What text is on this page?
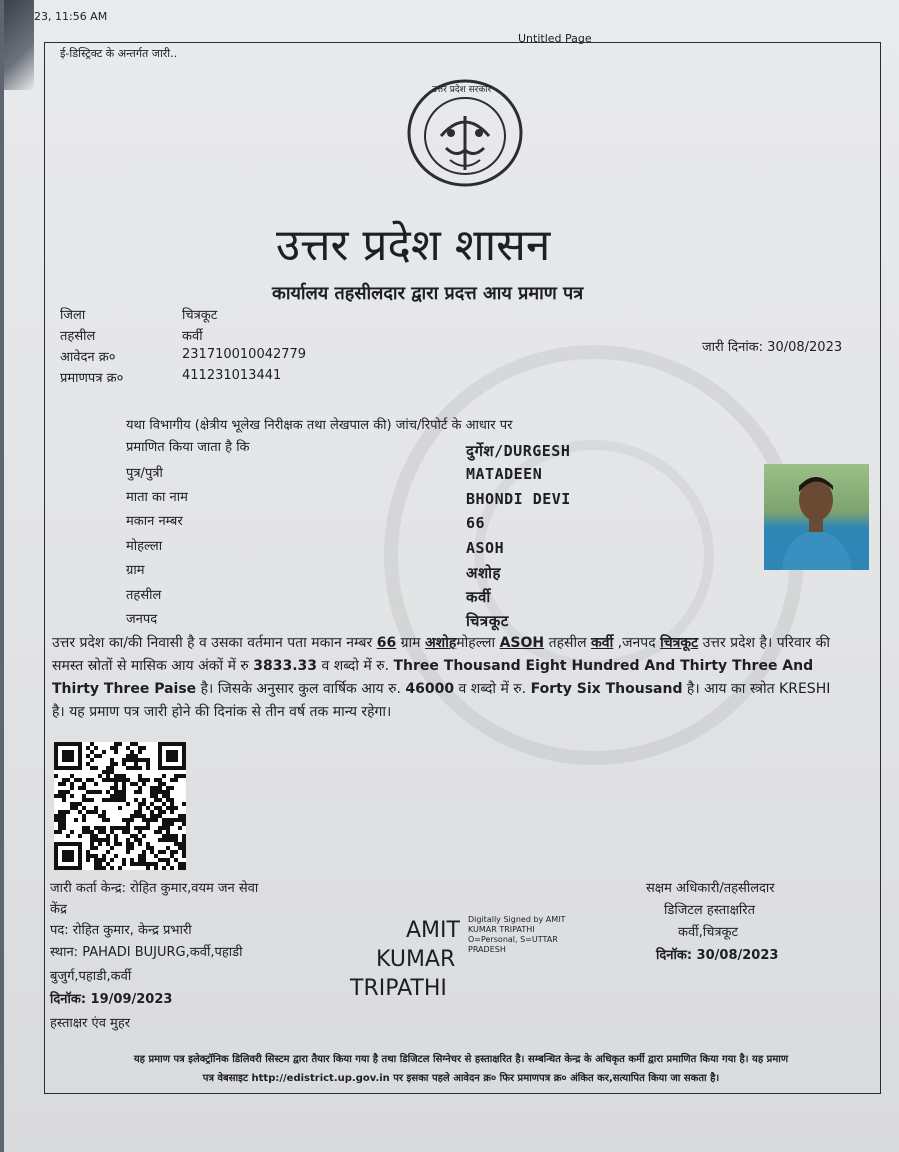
23, 11:56 AM
Untitled Page
ई-डिस्ट्रिक्ट के अन्तर्गत जारी..
उत्तर प्रदेश सरकार
उत्तर प्रदेश शासन
कार्यालय तहसीलदार द्वारा प्रदत्त आय प्रमाण पत्र
जिला	चित्रकूट
तहसील	कर्वी
आवेदन क्र०	231710010042779
प्रमाणपत्र क्र०	411231013441
जारी दिनांक: 30/08/2023
यथा विभागीय (क्षेत्रीय भूलेख निरीक्षक तथा लेखपाल की) जांच/रिपोर्ट के आधार पर
प्रमाणित किया जाता है कि	दुर्गेश/DURGESH
पुत्र/पुत्री	MATADEEN
माता का नाम	BHONDI DEVI
मकान नम्बर	66
मोहल्ला	ASOH
ग्राम	अशोह
तहसील	कर्वी
जनपद	चित्रकूट
उत्तर प्रदेश का/की निवासी है व उसका वर्तमान पता मकान नम्बर 66 ग्राम अशोहमोहल्ला ASOH तहसील कर्वी ,जनपद चित्रकूट उत्तर प्रदेश है। परिवार की समस्त स्रोतों से मासिक आय अंकों में रु 3833.33 व शब्दो में रु. Three Thousand Eight Hundred And Thirty Three And Thirty Three Paise है। जिसके अनुसार कुल वार्षिक आय रु. 46000 व शब्दो में रु. Forty Six Thousand है। आय का स्त्रोत KRESHI है। यह प्रमाण पत्र जारी होने की दिनांक से तीन वर्ष तक मान्य रहेगा।
जारी कर्ता केन्द्र: रोहित कुमार,वयम जन सेवा
केंद्र
पद: रोहित कुमार, केन्द्र प्रभारी
स्थान: PAHADI BUJURG,कर्वी,पहाडी
बुजुर्ग,पहाडी,कर्वी
दिनॉक: 19/09/2023
हस्ताक्षर एंव मुहर
AMIT
KUMAR
TRIPATHI
Digitally Signed by AMIT
KUMAR TRIPATHI
O=Personal, S=UTTAR
PRADESH
सक्षम अधिकारी/तहसीलदार
डिजिटल हस्ताक्षरित
कर्वी,चित्रकूट
दिनॉक: 30/08/2023
यह प्रमाण पत्र इलेक्ट्रॉनिक डिलिवरी सिस्टम द्वारा तैयार किया गया है तथा डिजिटल सिग्नेचर से हस्ताक्षरित है। सम्बन्धित केन्द्र के अधिकृत कर्मी द्वारा प्रमाणित किया गया है। यह प्रमाण
पत्र वेबसाइट http://edistrict.up.gov.in पर इसका पहले आवेदन क्र० फिर प्रमाणपत्र क्र० अंकित कर,सत्यापित किया जा सकता है।
